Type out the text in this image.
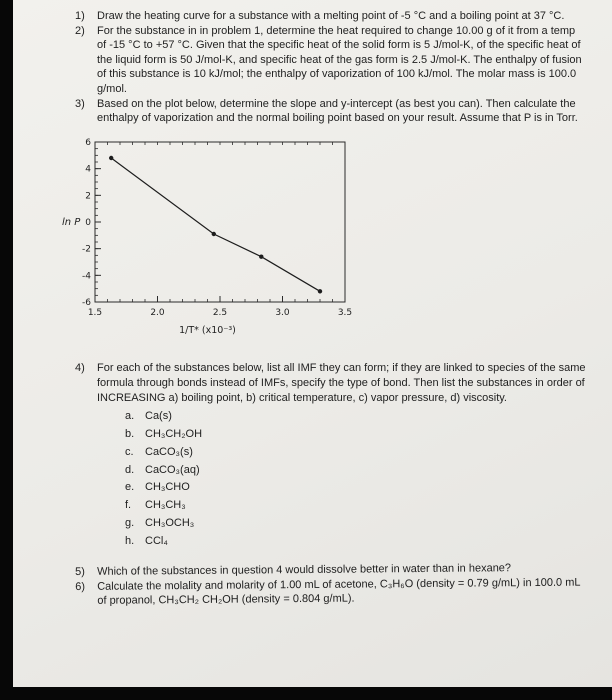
1)	Draw the heating curve for a substance with a melting point of -5 °C and a boiling point at 37 °C.
2)	For the substance in in problem 1, determine the heat required to change 10.00 g of it from a temp of -15 °C to +57 °C. Given that the specific heat of the solid form is 5 J/mol-K, of the specific heat of the liquid form is 50 J/mol-K, and specific heat of the gas form is 2.5 J/mol-K. The enthalpy of fusion of this substance is 10 kJ/mol; the enthalpy of vaporization of 100 kJ/mol. The molar mass is 100.0 g/mol.
3)	Based on the plot below, determine the slope and y-intercept (as best you can). Then calculate the enthalpy of vaporization and the normal boiling point based on your result. Assume that P is in Torr.
1.5	2.0	2.5	3.0	3.5
6
4
2
0
-2
-4
-6
ln P
1/T* (x10⁻³)
4)	For each of the substances below, list all IMF they can form; if they are linked to species of the same formula through bonds instead of IMFs, specify the type of bond. Then list the substances in order of INCREASING a) boiling point, b) critical temperature, c) vapor pressure, d) viscosity.
a. Ca(s)
b. CH₃CH₂OH
c.	CaCO₃(s)
d. CaCO₃(aq)
e. CH₃CHO
f.	CH₃CH₃
g. CH₃OCH₃
h. CCl₄
5)	Which of the substances in question 4 would dissolve better in water than in hexane?
6)	Calculate the molality and molarity of 1.00 mL of acetone, C₃H₆O (density = 0.79 g/mL) in 100.0 mL of propanol, CH₃CH₂ CH₂OH (density = 0.804 g/mL).
